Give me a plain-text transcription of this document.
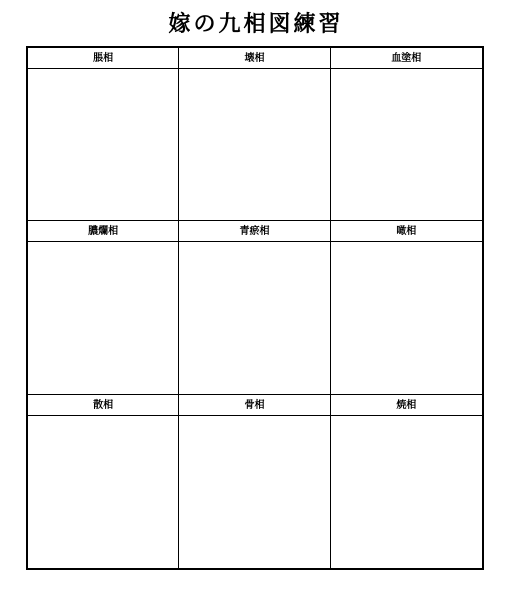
嫁の九相図練習
脹相	壊相	血塗相
膿爛相	青瘀相	噉相
散相	骨相	焼相
